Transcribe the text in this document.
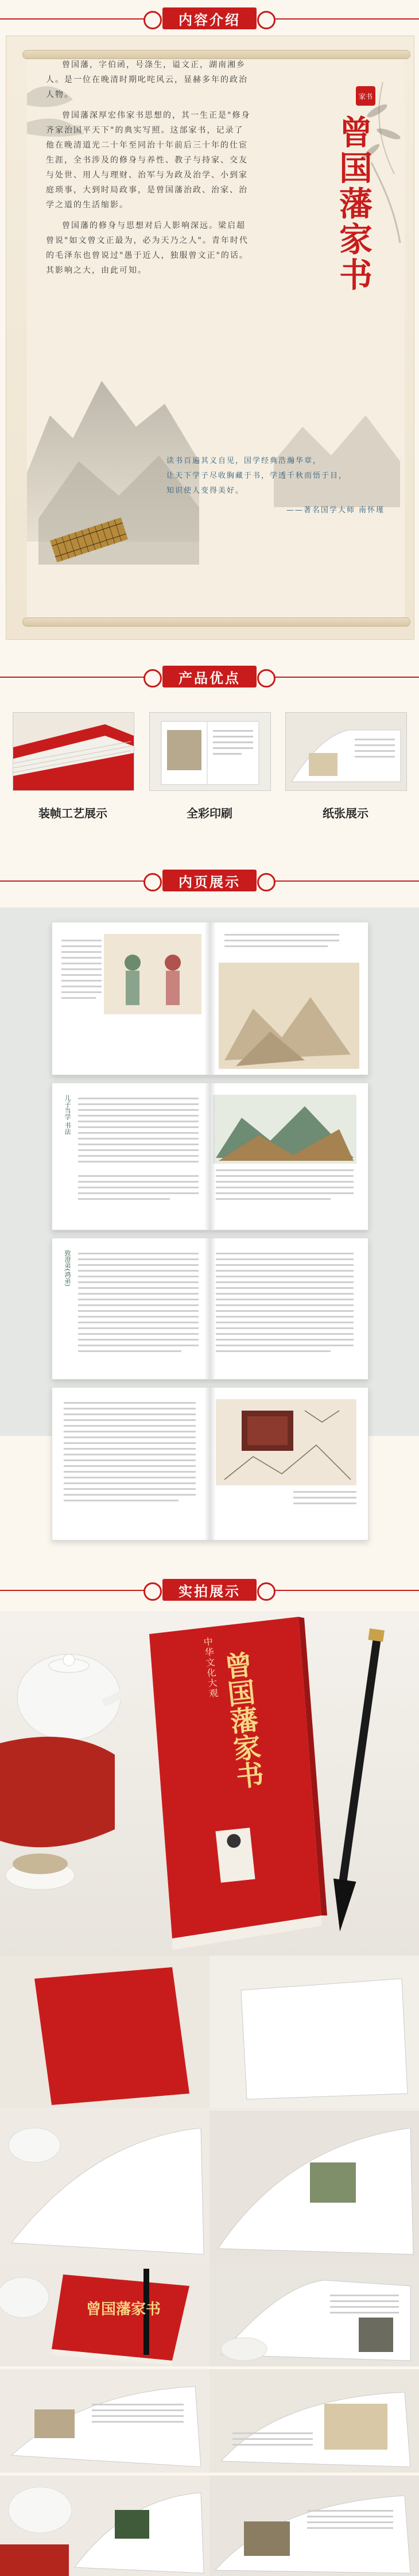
内容介绍

曾国藩，字伯函，号涤生，谥文正，湖南湘乡人。是一位在晚清时期叱咤风云，显赫多年的政治人物。

曾国藩深厚宏伟家书思想的，其一生正是"修身齐家治国平天下"的典实写照。这部家书，记录了他在晚清道光二十年至同治十年前后三十年的仕宦生涯，全书涉及的修身与养性、教子与持家、交友与处世、用人与理财、治军与为政及治学、小到家庭琐事，大到时局政事，是曾国藩治政、治家、治学之道的生活缩影。

曾国藩的修身与思想对后人影响深远。梁启超曾说"如文曾文正最为，必为天乃之人"。青年时代的毛泽东也曾说过"愚于近人，独服曾文正"的话。其影响之大，由此可知。

家书
曾国藩家书

读书百遍其义自见，国学经典浩瀚华章，

让天下学子尽收胸藏于书，学透千秋而悟于目，

知识使人变得美好。

——著名国学大师 南怀瑾

产品优点
装帧工艺展示	全彩印刷	纸张展示
内页展示
儿子当学 书法
致澄弟(鸿弟)
实拍展示
中华文化大观 曾国藩家书
曾国藩家书
